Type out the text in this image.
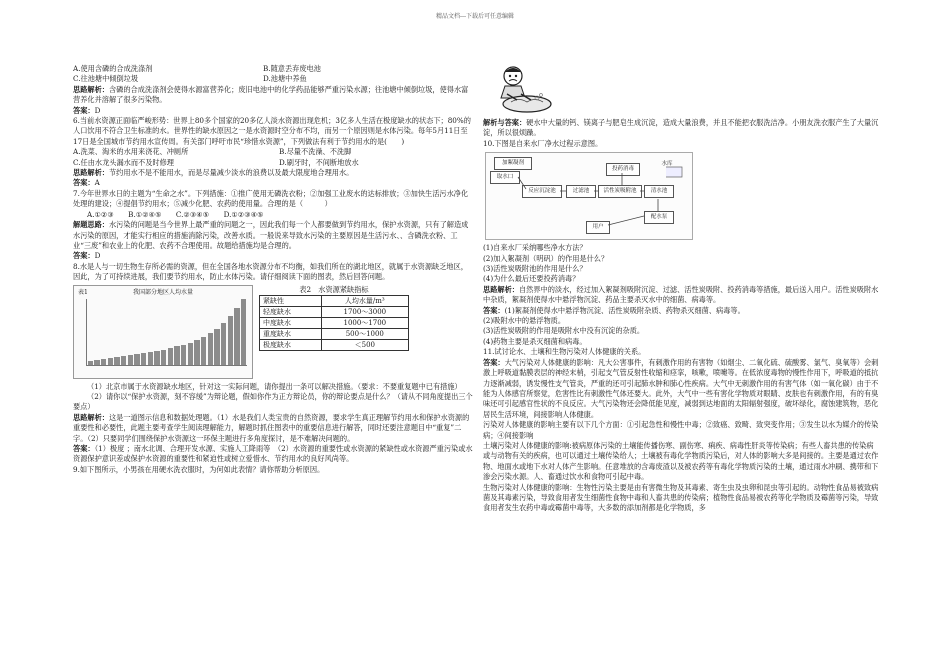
精品文档---下载后可任意编辑
A.使用含磷的合成洗涤剂	B.随意丢弃废电池
C.往池塘中倾倒垃圾	D.池塘中养鱼

思路解析：含磷的合成洗涤剂会使得水源富营养化；废旧电池中的化学药品能够严重污染水源；往池塘中倾倒垃圾，使得水富营养化并溶解了很多污染物。

答案：D

6.当前水资源正面临严峻形势：世界上80多个国家的20多亿人淡水资源出现危机；3亿多人生活在极度缺水的状态下；80%的人口饮用不符合卫生标准的水。世界性的缺水原因之一是水资源时空分布不均，而另一个原因则是水体污染。每年5月11日至17日是全国城市节约用水宣传周。有关部门呼吁市民“珍惜水资源”，下列做法有利于节约用水的是(　　)

A.洗菜、淘米的水用来浇花、冲厕所	B.尽量不洗澡、不洗脚
C.任由水龙头漏水而不及时修理	D.刷牙时，不间断地放水

思路解析：节约用水不是不能用水，而是尽量减少淡水的浪费以及最大限度地合理用水。

答案：A

7.今年世界水日的主题为“生命之水”。下列措施：①推广使用无磷洗衣粉；②加强工业废水的达标排放；③加快生活污水净化处理的建设；④提倡节约用水；⑤减少化肥、农药的使用量。合理的是（　　　）

A.①②③　　B.①②④⑤　　C.②③④⑤　　D.①②③④⑤

解题思路：水污染的问题是当今世界上最严重的问题之一，因此我们每一个人都要做到节约用水，保护水资源，只有了解造成水污染的原因，才能实行相应的措施消除污染，改善水质。一般说来导致水污染的主要原因是生活污水、、含磷洗衣粉、工业“三废”和农业上的化肥、农药不合理使用。故题给措施均是合理的。

答案：D

8.水是人与一切生物生存所必需的资源，但在全国各地水资源分布不均衡，如我们所在的湖北地区，就属于水资源缺乏地区，因此，为了可持续进展，我们要节约用水，防止水体污染。请仔细阅读下面的图表，然后回答问题。

表1	我国部分地区人均水量	表2　水资源紧缺指标
紧缺性	人均水量/m³
轻度缺水	1700～3000
中度缺水	1000～1700
重度缺水	500～1000
极度缺水	＜500

（1）北京市属于水资源缺水地区，针对这一实际问题，请你提出一条可以解决措施。（要求：不要重复题中已有措施）

（2）请你以“保护水资源，刻不容缓”为辩论题，假如你作为正方辩论员，你的辩论要点是什么？（请从不同角度提出三个要点）

思路解析：这是一道图示信息和数据处理题。（1）水是我们人类宝贵的自然资源，要求学生真正理解节约用水和保护水资源的重要性和必要性，此题主要考查学生阅读理解能力，解题时抓住图表中的重要信息进行解答，同时还要注意题目中“重复”二字。（2）只要同学们围绕保护水资源这一环保主题进行多角度探讨，是不难解决问题的。

答案：（1）极度 ；南水北调、合理开发水源、实施人工降雨等　（2）水资源的重要性或水资源的紧缺性或水资源严重污染或水资源保护意识差或保护水资源的重要性和紧迫性或树立爱惜水、节约用水的良好风尚等。

9.如下图所示，小男孩在用硬水洗衣服时，为何如此表情？请你帮助分析原因。

解析与答案：硬水中大量的钙、镁离子与肥皂生成沉淀，造成大量浪费，并且不能把衣服洗洁净。小朋友洗衣服产生了大量沉淀，所以很烦躁。

10.下图是自来水厂净水过程示意图。

取水口
加絮凝剂
反应沉淀池	过滤池	活性炭吸附池	清水池
投药消毒
配水泵
用户
水库

(1)自来水厂采纳哪些净水方法？

(2)加入絮凝剂（明矾）的作用是什么？

(3)活性炭吸附池的作用是什么？

(4)为什么最后还要投药消毒？

思路解析：自然界中的淡水，经过加入絮凝剂吸附沉淀、过滤、活性炭吸附、投药消毒等措施，最后送入用户。活性炭吸附水中杂质，絮凝剂使得水中悬浮物沉淀、药品主要杀灭水中的细菌、病毒等。

答案：(1)絮凝剂使得水中悬浮物沉淀、活性炭吸附杂质、药物杀灭细菌、病毒等。

(2)吸附水中的悬浮物质。

(3)活性炭吸附的作用是吸附水中没有沉淀的杂质。

(4)药物主要是杀灭细菌和病毒。

11.试讨论水、土壤和生物污染对人体健康的关系。

答案：大气污染对人体健康的影响：凡大公害事件，有刺激作用的有害物（如烟尘、二氧化硫、硫酸雾、氯气、臭氧等）会刺激上呼吸道黏膜表层的神经末梢，引起支气管反射性收缩和痉挛，咳嗽，喷嚏等。在低浓度毒物的慢性作用下，呼吸道的抵抗力逐渐减弱，诱发慢性支气管炎，严重的还可引起肺水肿和肺心性疾病。大气中无刺激作用的有害气体（如一氧化碳）由于不能为人体感官所察觉，危害性比有刺激性气体还要大。此外，大气中一些有害化学物质对眼睛、皮肤也有刺激作用，有的有臭味还可引起感官性状的不良反应。大气污染物还会降低能见度，减弱到达地面的太阳辐射强度，破坏绿化，腐蚀建筑物，恶化居民生活环境，间接影响人体健康。

污染对人体健康的影响主要有以下几个方面：①引起急性和慢性中毒；②致癌、致畸、致突变作用；③发生以水为媒介的传染病；④间接影响

土壤污染对人体健康的影响:被病原体污染的土壤能传播伤寒、副伤寒、痢疾、病毒性肝炎等传染病；有些人畜共患的传染病或与动物有关的疾病，也可以通过土壤传染给人；土壤被有毒化学物质污染后，对人体的影响大多是间接的。主要是通过农作物、地面水或地下水对人体产生影响。任意堆放的含毒废渣以及被农药等有毒化学物质污染的土壤，通过雨水冲刷、携带和下渗会污染水源。人、畜通过饮水和食物可引起中毒。

生物污染对人体健康的影响：生物性污染主要是由有害微生物及其毒素、寄生虫及虫卵和昆虫等引起的。动物性食品易被致病菌及其毒素污染，导致食用者发生细菌性食物中毒和人畜共患的传染病；植物性食品易被农药等化学物质及霉菌等污染，导致食用者发生农药中毒或霉菌中毒等，大多数的添加剂都是化学物质，多
